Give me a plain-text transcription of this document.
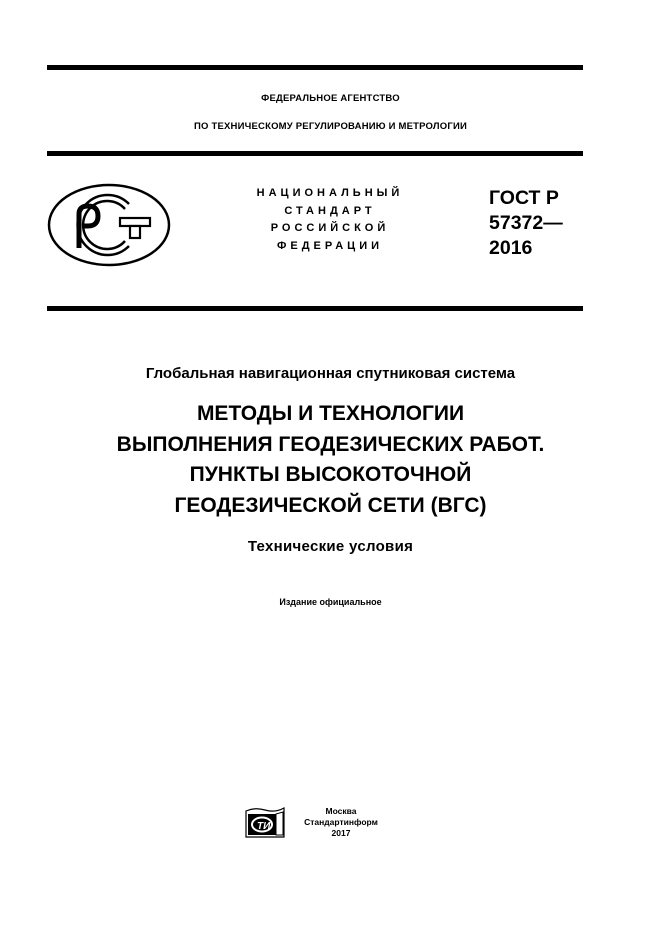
ФЕДЕРАЛЬНОЕ АГЕНТСТВО
ПО ТЕХНИЧЕСКОМУ РЕГУЛИРОВАНИЮ И МЕТРОЛОГИИ
НАЦИОНАЛЬНЫЙ
СТАНДАРТ
РОССИЙСКОЙ
ФЕДЕРАЦИИ
ГОСТ Р
57372—
2016
Глобальная навигационная спутниковая система
МЕТОДЫ И ТЕХНОЛОГИИ
ВЫПОЛНЕНИЯ ГЕОДЕЗИЧЕСКИХ РАБОТ.
ПУНКТЫ ВЫСОКОТОЧНОЙ
ГЕОДЕЗИЧЕСКОЙ СЕТИ (ВГС)
Технические условия
Издание официальное
ТИ
Москва
Стандартинформ
2017
